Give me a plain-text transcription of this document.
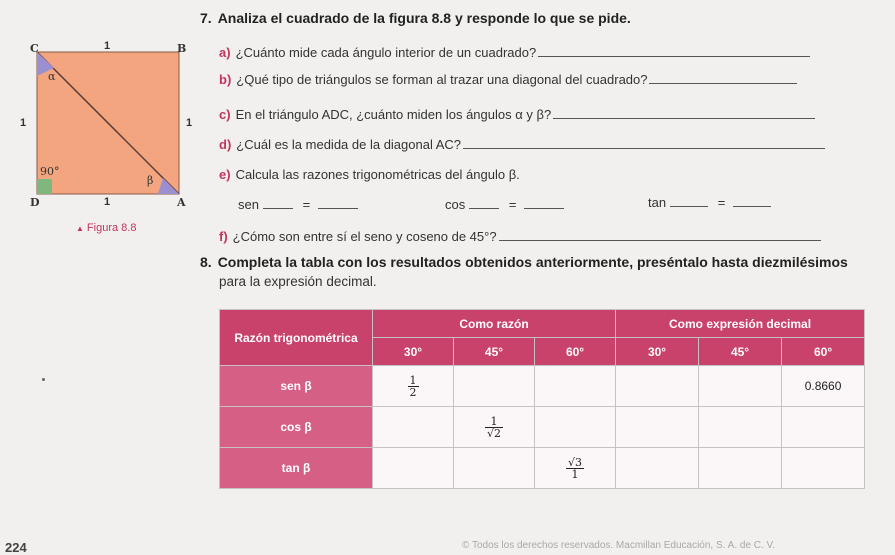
7. Analiza el cuadrado de la figura 8.8 y responde lo que se pide.
C	B
D	A
1
1	1
1
α
β
90°
▲ Figura 8.8
a) ¿Cuánto mide cada ángulo interior de un cuadrado?
b) ¿Qué tipo de triángulos se forman al trazar una diagonal del cuadrado?
c) En el triángulo ADC, ¿cuánto miden los ángulos α y β?
d) ¿Cuál es la medida de la diagonal AC?
e) Calcula las razones trigonométricas del ángulo β.
sen	=	cos	=	tan	=
f) ¿Cómo son entre sí el seno y coseno de 45°?
8. Completa la tabla con los resultados obtenidos anteriormente, preséntalo hasta diezmilésimos
para la expresión decimal.
Razón trigonométrica	Como razón			Como expresión decimal		
	30°	45°	60°	30°	45°	60°
sen β	$\frac{1}{2}$					0.8660
cos β		$\frac{1}{√2}$

tan β			$\frac{√3}{1}$

224	© Todos los derechos reservados. Macmillan Educación, S. A. de C. V.
